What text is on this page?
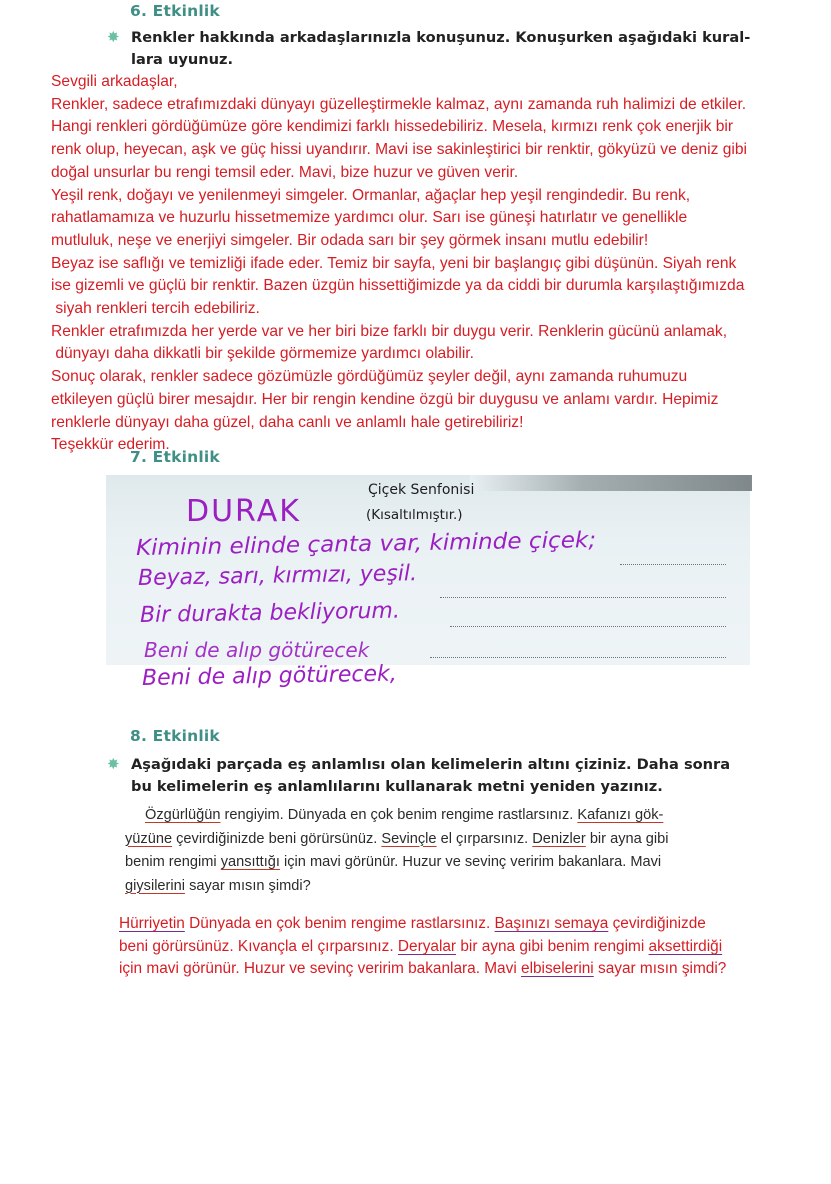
6. Etkinlik
✸ Renkler hakkında arkadaşlarınızla konuşunuz. Konuşurken aşağıdaki kural-
lara uyunuz.
Sevgili arkadaşlar,
Renkler, sadece etrafımızdaki dünyayı güzelleştirmekle kalmaz, aynı zamanda ruh halimizi de etkiler.
Hangi renkleri gördüğümüze göre kendimizi farklı hissedebiliriz. Mesela, kırmızı renk çok enerjik bir
renk olup, heyecan, aşk ve güç hissi uyandırır. Mavi ise sakinleştirici bir renktir, gökyüzü ve deniz gibi
doğal unsurlar bu rengi temsil eder. Mavi, bize huzur ve güven verir.
Yeşil renk, doğayı ve yenilenmeyi simgeler. Ormanlar, ağaçlar hep yeşil rengindedir. Bu renk,
rahatlamamıza ve huzurlu hissetmemize yardımcı olur. Sarı ise güneşi hatırlatır ve genellikle
mutluluk, neşe ve enerjiyi simgeler. Bir odada sarı bir şey görmek insanı mutlu edebilir!
Beyaz ise saflığı ve temizliği ifade eder. Temiz bir sayfa, yeni bir başlangıç gibi düşünün. Siyah renk
ise gizemli ve güçlü bir renktir. Bazen üzgün hissettiğimizde ya da ciddi bir durumla karşılaştığımızda
siyah renkleri tercih edebiliriz.
Renkler etrafımızda her yerde var ve her biri bize farklı bir duygu verir. Renklerin gücünü anlamak,
dünyayı daha dikkatli bir şekilde görmemize yardımcı olabilir.
Sonuç olarak, renkler sadece gözümüzle gördüğümüz şeyler değil, aynı zamanda ruhumuzu
etkileyen güçlü birer mesajdır. Her bir rengin kendine özgü bir duygusu ve anlamı vardır. Hepimiz
renklerle dünyayı daha güzel, daha canlı ve anlamlı hale getirebiliriz!
Teşekkür ederim.
7. Etkinlik
Çiçek Senfonisi
(Kısaltılmıştır.)
DURAK
Kiminin elinde çanta var, kiminde çiçek;
Beyaz, sarı, kırmızı, yeşil.
Bir durakta bekliyorum.
Beni de alıp götürecek
Beni de alıp götürecek,
8. Etkinlik
✸ Aşağıdaki parçada eş anlamlısı olan kelimelerin altını çiziniz. Daha sonra
bu kelimelerin eş anlamlılarını kullanarak metni yeniden yazınız.
Özgürlüğün rengiyim. Dünyada en çok benim rengime rastlarsınız. Kafanızı gök-
yüzüne çevirdiğinizde beni görürsünüz. Sevinçle el çırparsınız. Denizler bir ayna gibi
benim rengimi yansıttığı için mavi görünür. Huzur ve sevinç veririm bakanlara. Mavi
giysilerini sayar mısın şimdi?
Hürriyetin Dünyada en çok benim rengime rastlarsınız. Başınızı semaya çevirdiğinizde
beni görürsünüz. Kıvançla el çırparsınız. Deryalar bir ayna gibi benim rengimi aksettirdiği
için mavi görünür. Huzur ve sevinç veririm bakanlara. Mavi elbiselerini sayar mısın şimdi?
